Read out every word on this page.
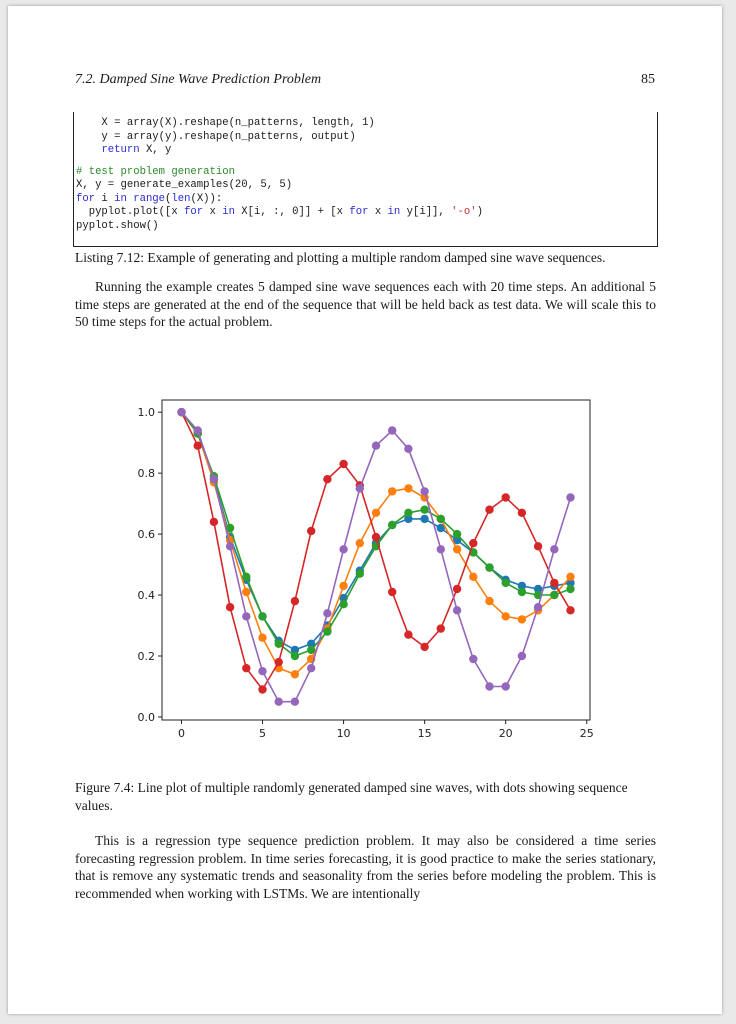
7.2. Damped Sine Wave Prediction Problem	85
X = array(X).reshape(n_patterns, length, 1)
y = array(y).reshape(n_patterns, output)
return X, y
# test problem generation
X, y = generate_examples(20, 5, 5)
for i in range(len(X)):
pyplot.plot([x for x in X[i, :, 0]] + [x for x in y[i]], '-o')
pyplot.show()
Listing 7.12: Example of generating and plotting a multiple random damped sine wave sequences.
Running the example creates 5 damped sine wave sequences each with 20 time steps. An additional 5 time steps are generated at the end of the sequence that will be held back as test data. We will scale this to 50 time steps for the actual problem.
0	5	10	15	20	25
0.0
0.2
0.4
0.6
0.8
1.0
Figure 7.4: Line plot of multiple randomly generated damped sine waves, with dots showing sequence values.
This is a regression type sequence prediction problem. It may also be considered a time series forecasting regression problem. In time series forecasting, it is good practice to make the series stationary, that is remove any systematic trends and seasonality from the series before modeling the problem. This is recommended when working with LSTMs. We are intentionally
